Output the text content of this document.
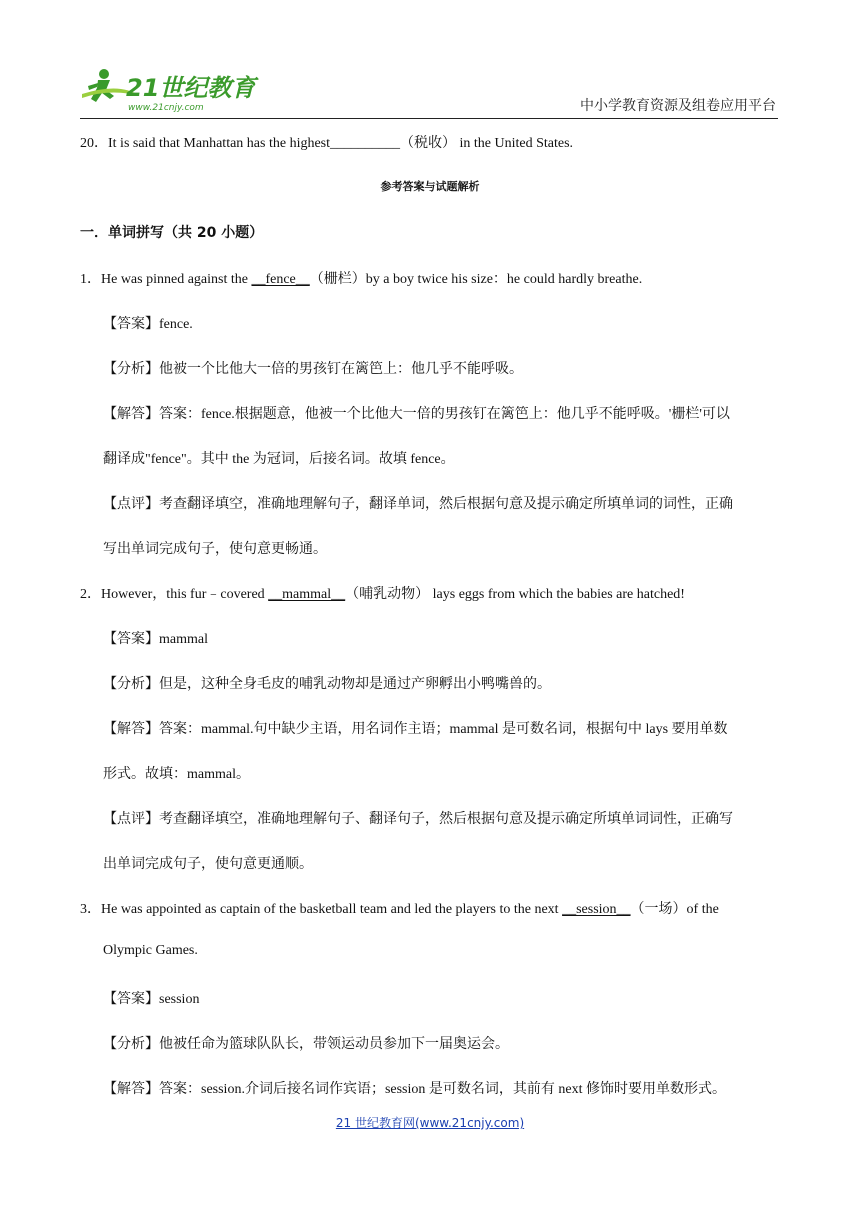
21世纪教育
www.21cnjy.com	中小学教育资源及组卷应用平台
20．It is said that Manhattan has the highest__________（税收） in the United States.
参考答案与试题解析
一．单词拼写（共 20 小题）
1．He was pinned against the __fence__（栅栏）by a boy twice his size：he could hardly breathe.
【答案】fence.
【分析】他被一个比他大一倍的男孩钉在篱笆上：他几乎不能呼吸。
【解答】答案：fence.根据题意，他被一个比他大一倍的男孩钉在篱笆上：他几乎不能呼吸。'栅栏'可以
翻译成"fence"。其中 the 为冠词，后接名词。故填 fence。
【点评】考查翻译填空，准确地理解句子，翻译单词，然后根据句意及提示确定所填单词的词性，正确
写出单词完成句子，使句意更畅通。
2．However，this fur﹣covered __mammal__（哺乳动物） lays eggs from which the babies are hatched!
【答案】mammal
【分析】但是，这种全身毛皮的哺乳动物却是通过产卵孵出小鸭嘴兽的。
【解答】答案：mammal.句中缺少主语，用名词作主语；mammal 是可数名词，根据句中 lays 要用单数
形式。故填：mammal。
【点评】考查翻译填空，准确地理解句子、翻译句子，然后根据句意及提示确定所填单词词性，正确写
出单词完成句子，使句意更通顺。
3．He was appointed as captain of the basketball team and led the players to the next __session__（一场）of the
Olympic Games.
【答案】session
【分析】他被任命为篮球队队长，带领运动员参加下一届奥运会。
【解答】答案：session.介词后接名词作宾语；session 是可数名词，其前有 next 修饰时要用单数形式。
21 世纪教育网(www.21cnjy.com)
